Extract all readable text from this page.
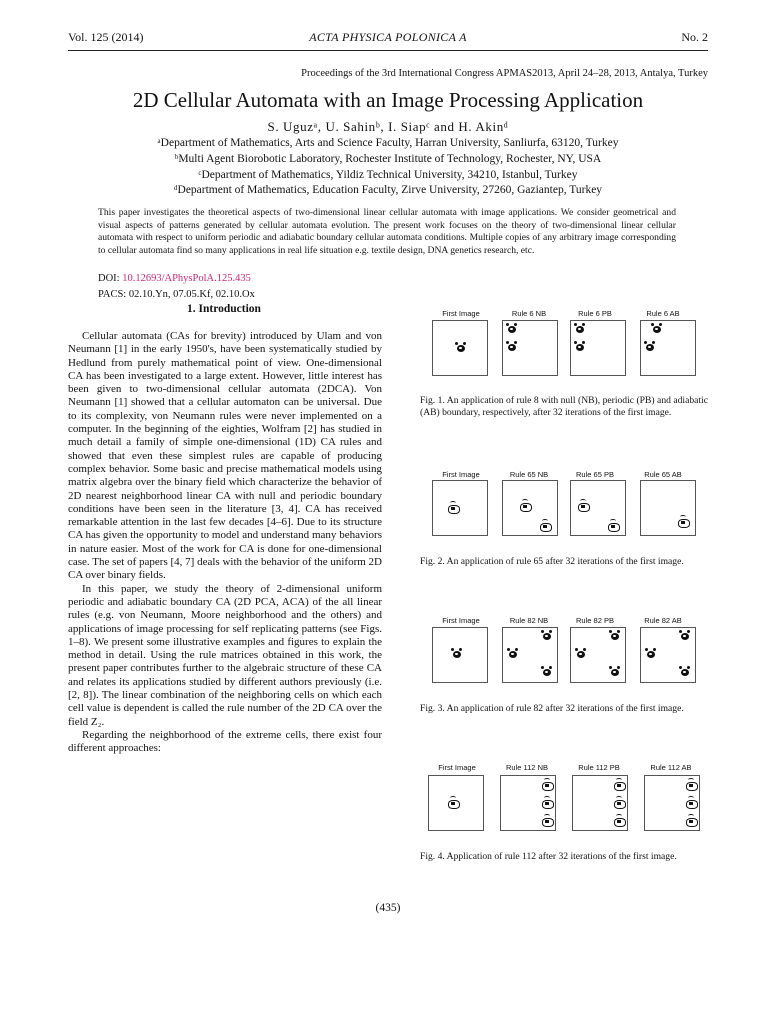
Vol. 125 (2014)	ACTA PHYSICA POLONICA A	No. 2
Proceedings of the 3rd International Congress APMAS2013, April 24–28, 2013, Antalya, Turkey
2D Cellular Automata with an Image Processing Application
S. Uguzᵃ, U. Sahinᵇ, I. Siapᶜ and H. Akinᵈ
ᵃDepartment of Mathematics, Arts and Science Faculty, Harran University, Sanliurfa, 63120, Turkey
ᵇMulti Agent Biorobotic Laboratory, Rochester Institute of Technology, Rochester, NY, USA
ᶜDepartment of Mathematics, Yildiz Technical University, 34210, Istanbul, Turkey
ᵈDepartment of Mathematics, Education Faculty, Zirve University, 27260, Gaziantep, Turkey
This paper investigates the theoretical aspects of two-dimensional linear cellular automata with image applications. We consider geometrical and visual aspects of patterns generated by cellular automata evolution. The present work focuses on the theory of two-dimensional linear cellular automata with respect to uniform periodic and adiabatic boundary cellular automata conditions. Multiple copies of any arbitrary image corresponding to cellular automata find so many applications in real life situation e.g. textile design, DNA genetics research, etc.
DOI: 10.12693/APhysPolA.125.435
PACS: 02.10.Yn, 07.05.Kf, 02.10.Ox
1. Introduction

Cellular automata (CAs for brevity) introduced by Ulam and von Neumann [1] in the early 1950's, have been systematically studied by Hedlund from purely mathematical point of view. One-dimensional CA has been investigated to a large extent. However, little interest has been given to two-dimensional cellular automata (2DCA). Von Neumann [1] showed that a cellular automaton can be universal. Due to its complexity, von Neumann rules were never implemented on a computer. In the beginning of the eighties, Wolfram [2] has studied in much detail a family of simple one-dimensional (1D) CA rules and showed that even these simplest rules are capable of producing complex behavior. Some basic and precise mathematical models using matrix algebra over the binary field which characterize the behavior of 2D nearest neighborhood linear CA with null and periodic boundary conditions have been seen in the literature [3, 4]. CA has received remarkable attention in the last few decades [4–6]. Due to its structure CA has given the opportunity to model and understand many behaviors in nature easier. Most of the work for CA is done for one-dimensional case. The set of papers [4, 7] deals with the behavior of the uniform 2D CA over binary fields.

In this paper, we study the theory of 2-dimensional uniform periodic and adiabatic boundary CA (2D PCA, ACA) of the all linear rules (e.g. von Neumann, Moore neighborhood and the others) and applications of image processing for self replicating patterns (see Figs. 1–8). We present some illustrative examples and figures to explain the method in detail. Using the rule matrices obtained in this work, the present paper contributes further to the algebraic structure of these CA and relates its applications studied by different authors previously (i.e. [2, 8]). The linear combination of the neighboring cells on which each cell value is dependent is called the rule number of the 2D CA over the field Z₂.

Regarding the neighborhood of the extreme cells, there exist four different approaches:

First Image	Rule 6 NB	Rule 6 PB	Rule 6 AB
Fig. 1. An application of rule 8 with null (NB), periodic (PB) and adiabatic (AB) boundary, respectively, after 32 iterations of the first image.
First Image	Rule 65 NB	Rule 65 PB	Rule 65 AB
Fig. 2. An application of rule 65 after 32 iterations of the first image.
First Image	Rule 82 NB	Rule 82 PB	Rule 82 AB
Fig. 3. An application of rule 82 after 32 iterations of the first image.
First Image	Rule 112 NB	Rule 112 PB	Rule 112 AB
Fig. 4. Application of rule 112 after 32 iterations of the first image.
(435)
